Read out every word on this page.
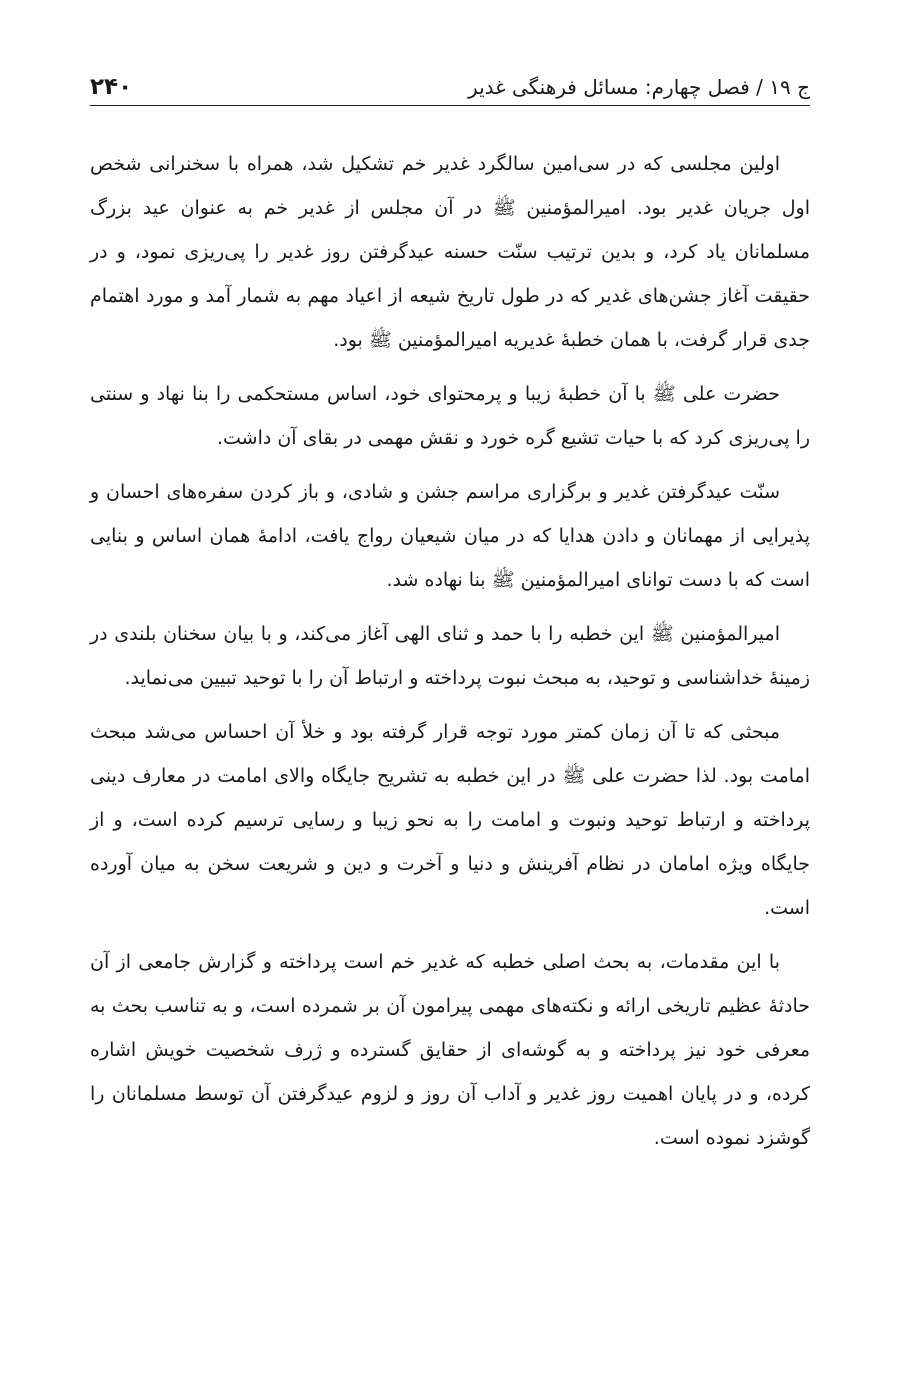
ج ۱۹ / فصل چهارم: مسائل فرهنگی غدیر
۲۴۰

اولین مجلسی که در سی‌امین سالگرد غدیر خم تشکیل شد، همراه با سخنرانی شخص اول جریان غدیر بود. امیرالمؤمنین ﷺ در آن مجلس از غدیر خم به عنوان عید بزرگ مسلمانان یاد کرد، و بدین ترتیب سنّت حسنه عیدگرفتن روز غدیر را پی‌ریزی نمود، و در حقیقت آغاز جشن‌های غدیر که در طول تاریخ شیعه از اعیاد مهم به شمار آمد و مورد اهتمام جدی قرار گرفت، با همان خطبهٔ غدیریه امیرالمؤمنین ﷺ بود.

حضرت علی ﷺ با آن خطبهٔ زیبا و پرمحتوای خود، اساس مستحکمی را بنا نهاد و سنتی را پی‌ریزی کرد که با حیات تشیع گره خورد و نقش مهمی در بقای آن داشت.

سنّت عیدگرفتن غدیر و برگزاری مراسم جشن و شادی، و باز کردن سفره‌های احسان و پذیرایی از مهمانان و دادن هدایا که در میان شیعیان رواج یافت، ادامهٔ همان اساس و بنایی است که با دست توانای امیرالمؤمنین ﷺ بنا نهاده شد.

امیرالمؤمنین ﷺ این خطبه را با حمد و ثنای الهی آغاز می‌کند، و با بیان سخنان بلندی در زمینهٔ خداشناسی و توحید، به مبحث نبوت پرداخته و ارتباط آن را با توحید تبیین می‌نماید.

مبحثی که تا آن زمان کمتر مورد توجه قرار گرفته بود و خلأ آن احساس می‌شد مبحث امامت بود. لذا حضرت علی ﷺ در این خطبه به تشریح جایگاه والای امامت در معارف دینی پرداخته و ارتباط توحید ونبوت و امامت را به نحو زیبا و رسایی ترسیم کرده است، و از جایگاه ویژه امامان در نظام آفرینش و دنیا و آخرت و دین و شریعت سخن به میان آورده است.

با این مقدمات، به بحث اصلی خطبه که غدیر خم است پرداخته و گزارش جامعی از آن حادثهٔ عظیم تاریخی ارائه و نکته‌های مهمی پیرامون آن بر شمرده است، و به تناسب بحث به معرفی خود نیز پرداخته و به گوشه‌ای از حقایق گسترده و ژرف شخصیت خویش اشاره کرده، و در پایان اهمیت روز غدیر و آداب آن روز و لزوم عیدگرفتن آن توسط مسلمانان را گوشزد نموده است.
